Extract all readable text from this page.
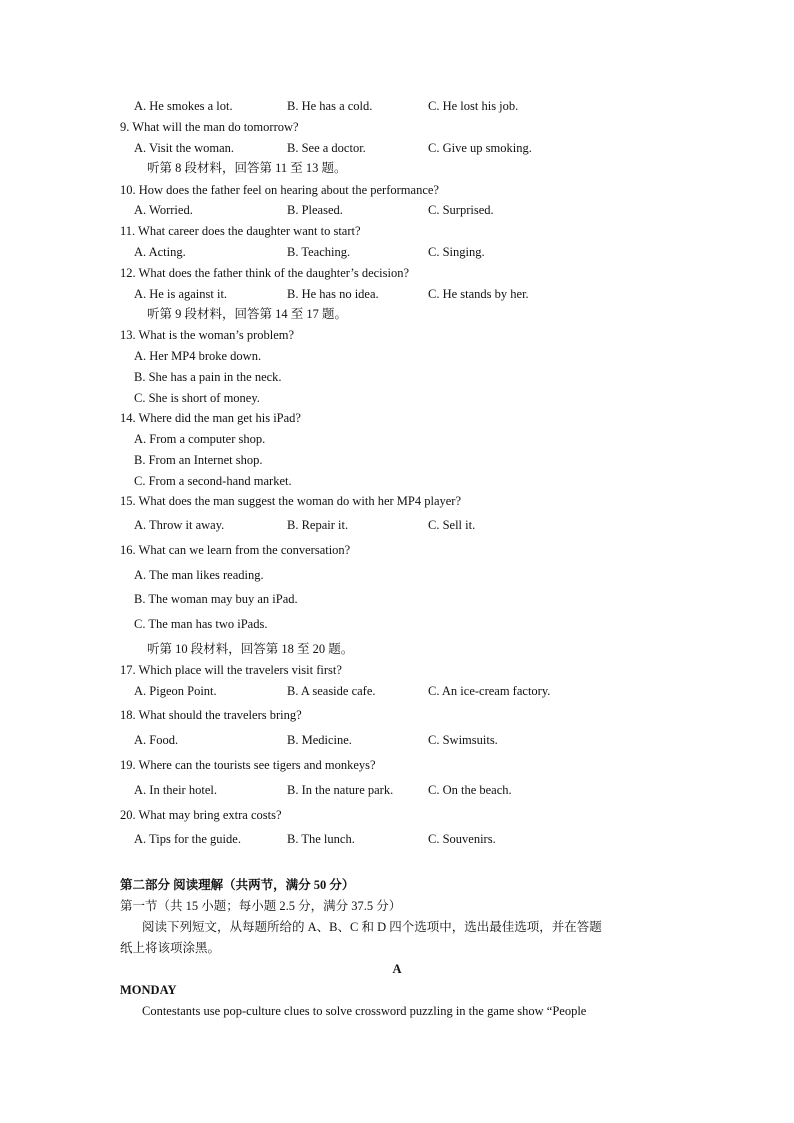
A. He smokes a lot.	B. He has a cold.	C. He lost his job.
9. What will the man do tomorrow?
A. Visit the woman.	B. See a doctor.	C. Give up smoking.
听第 8 段材料，回答第 11 至 13 题。
10. How does the father feel on hearing about the performance?
A. Worried.	B. Pleased.	C. Surprised.
11. What career does the daughter want to start?
A. Acting.	B. Teaching.	C. Singing.
12. What does the father think of the daughter’s decision?
A. He is against it.	B. He has no idea.	C. He stands by her.
听第 9 段材料，回答第 14 至 17 题。
13. What is the woman’s problem?
A. Her MP4 broke down.
B. She has a pain in the neck.
C. She is short of money.
14. Where did the man get his iPad?
A. From a computer shop.
B. From an Internet shop.
C. From a second-hand market.
15. What does the man suggest the woman do with her MP4 player?
A. Throw it away.	B. Repair it.	C. Sell it.
16. What can we learn from the conversation?
A. The man likes reading.
B. The woman may buy an iPad.
C. The man has two iPads.
听第 10 段材料，回答第 18 至 20 题。
17. Which place will the travelers visit first?
A. Pigeon Point.	B. A seaside cafe.	C. An ice-cream factory.
18. What should the travelers bring?
A. Food.	B. Medicine.	C. Swimsuits.
19. Where can the tourists see tigers and monkeys?
A. In their hotel.	B. In the nature park.	C. On the beach.
20. What may bring extra costs?
A. Tips for the guide.	B. The lunch.	C. Souvenirs.
第二部分 阅读理解（共两节，满分 50 分）
第一节（共 15 小题；每小题 2.5 分，满分 37.5 分）
阅读下列短文，从每题所给的 A、B、C 和 D 四个选项中，选出最佳选项，并在答题
纸上将该项涂黑。
A
MONDAY
Contestants use pop-culture clues to solve crossword puzzling in the game show “People
